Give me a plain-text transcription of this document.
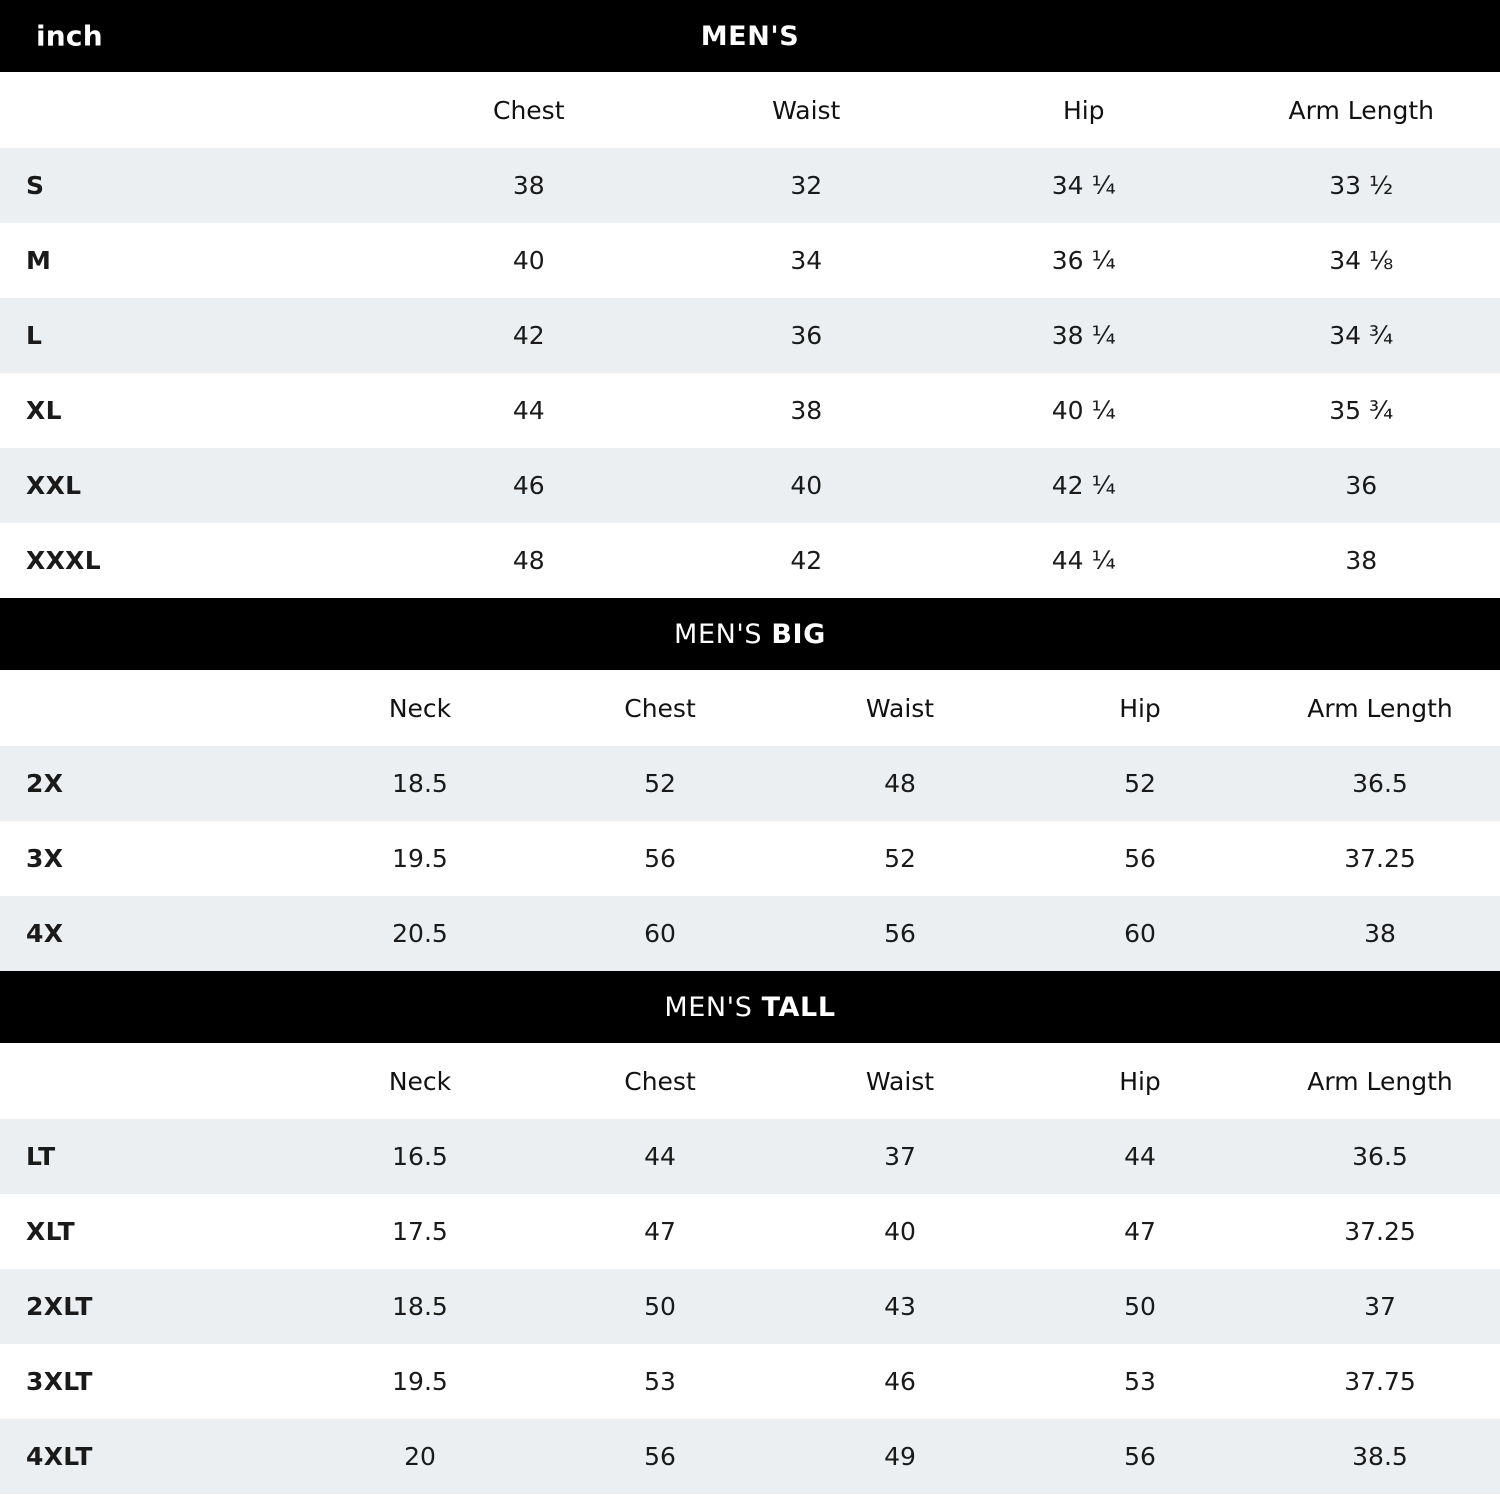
inch	MEN'S
	Chest	Waist	Hip	Arm Length
S	38	32	34 ¼	33 ½
M	40	34	36 ¼	34 ⅛
L	42	36	38 ¼	34 ¾
XL	44	38	40 ¼	35 ¾
XXL	46	40	42 ¼	36
XXXL	48	42	44 ¼	38
MEN'S BIG
	Neck	Chest	Waist	Hip	Arm Length
2X	18.5	52	48	52	36.5
3X	19.5	56	52	56	37.25
4X	20.5	60	56	60	38
MEN'S TALL
	Neck	Chest	Waist	Hip	Arm Length
LT	16.5	44	37	44	36.5
XLT	17.5	47	40	47	37.25
2XLT	18.5	50	43	50	37
3XLT	19.5	53	46	53	37.75
4XLT	20	56	49	56	38.5
